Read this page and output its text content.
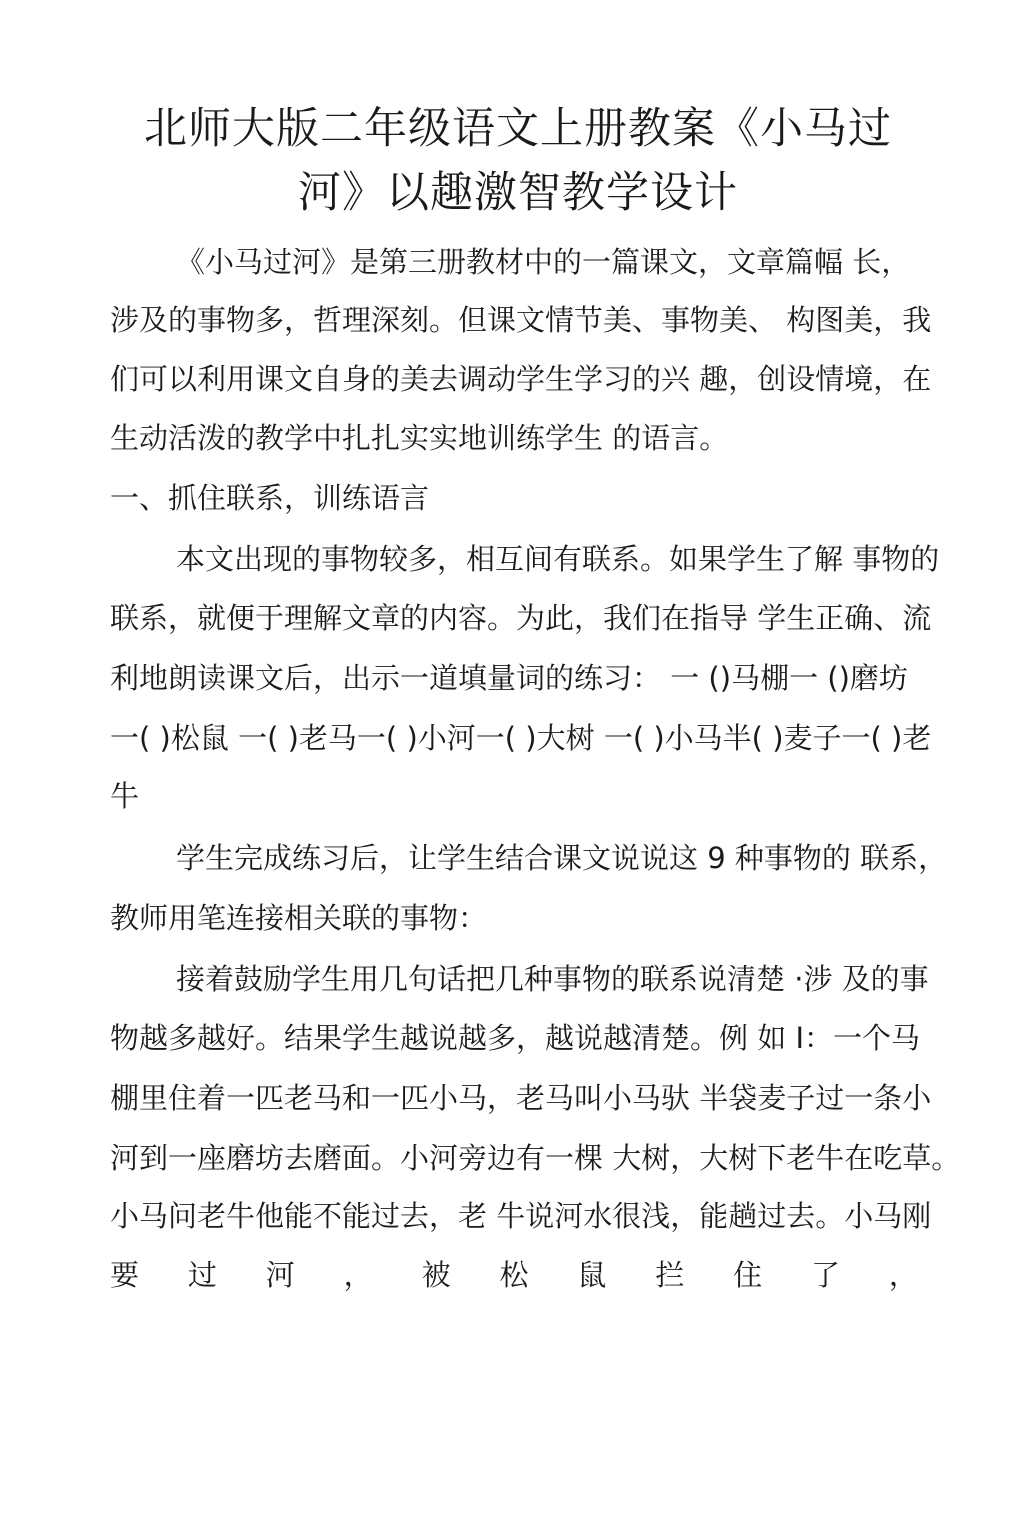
北师大版二年级语文上册教案《小马过
河》以趣激智教学设计

《小马过河》是第三册教材中的一篇课文，文章篇幅 长，

涉及的事物多，哲理深刻。但课文情节美、事物美、 构图美，我

们可以利用课文自身的美去调动学生学习的兴 趣，创设情境，在

生动活泼的教学中扎扎实实地训练学生 的语言。

一、抓住联系，训练语言

本文出现的事物较多，相互间有联系。如果学生了解 事物的

联系，就便于理解文章的内容。为此，我们在指导 学生正确、流

利地朗读课文后，出示一道填量词的练习： 一 ()马棚一 ()磨坊

一( )松鼠 一( )老马一( )小河一( )大树 一( )小马半( )麦子一( )老

牛

学生完成练习后，让学生结合课文说说这 9 种事物的 联系，

教师用笔连接相关联的事物：

接着鼓励学生用几句话把几种事物的联系说清楚 ·涉 及的事

物越多越好。结果学生越说越多，越说越清楚。例 如 I：一个马

棚里住着一匹老马和一匹小马，老马叫小马驮 半袋麦子过一条小

河到一座磨坊去磨面。小河旁边有一棵 大树，大树下老牛在吃草。

小马问老牛他能不能过去，老 牛说河水很浅，能趟过去。小马刚

要 过 河 ， 被 松 鼠 拦 住 了 ，
